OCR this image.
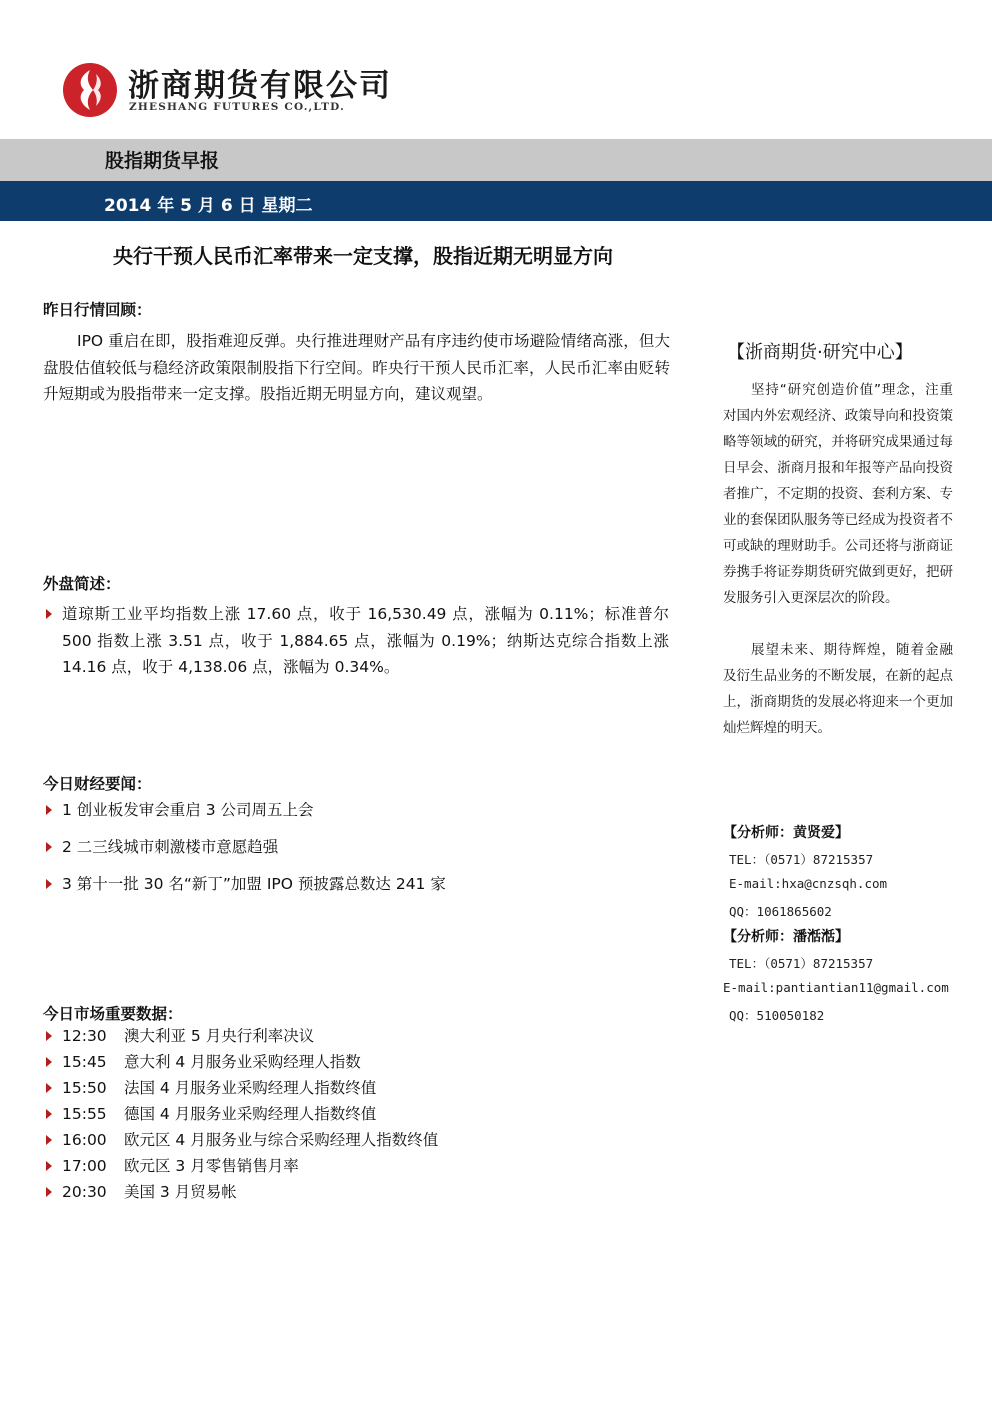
浙商期货有限公司
ZHESHANG FUTURES CO.,LTD.
股指期货早报
2014 年 5 月 6 日 星期二
央行干预人民币汇率带来一定支撑，股指近期无明显方向
昨日行情回顾：
IPO 重启在即，股指难迎反弹。央行推进理财产品有序违约使市场避险情绪高涨，但大盘股估值较低与稳经济政策限制股指下行空间。昨央行干预人民币汇率，人民币汇率由贬转升短期或为股指带来一定支撑。股指近期无明显方向，建议观望。
外盘简述：
道琼斯工业平均指数上涨 17.60 点，收于 16,530.49 点，涨幅为 0.11%；标准普尔 500 指数上涨 3.51 点，收于 1,884.65 点，涨幅为 0.19%；纳斯达克综合指数上涨 14.16 点，收于 4,138.06 点，涨幅为 0.34%。
今日财经要闻：
1 创业板发审会重启 3 公司周五上会
2 二三线城市刺激楼市意愿趋强
3 第十一批 30 名“新丁”加盟 IPO 预披露总数达 241 家
今日市场重要数据：
12:30	澳大利亚 5 月央行利率决议
15:45	意大利 4 月服务业采购经理人指数
15:50	法国 4 月服务业采购经理人指数终值
15:55	德国 4 月服务业采购经理人指数终值
16:00	欧元区 4 月服务业与综合采购经理人指数终值
17:00	欧元区 3 月零售销售月率
20:30	美国 3 月贸易帐
【浙商期货·研究中心】
坚持“研究创造价值”理念，注重对国内外宏观经济、政策导向和投资策略等领域的研究，并将研究成果通过每日早会、浙商月报和年报等产品向投资者推广，不定期的投资、套利方案、专业的套保团队服务等已经成为投资者不可或缺的理财助手。公司还将与浙商证券携手将证券期货研究做到更好，把研发服务引入更深层次的阶段。
展望未来、期待辉煌，随着金融及衍生品业务的不断发展，在新的起点上，浙商期货的发展必将迎来一个更加灿烂辉煌的明天。
【分析师：黄贤爱】
TEL：（0571）87215357
E-mail:hxa@cnzsqh.com
QQ：1061865602
【分析师：潘湉湉】
TEL：（0571）87215357
E-mail:pantiantian11@gmail.com
QQ：510050182
